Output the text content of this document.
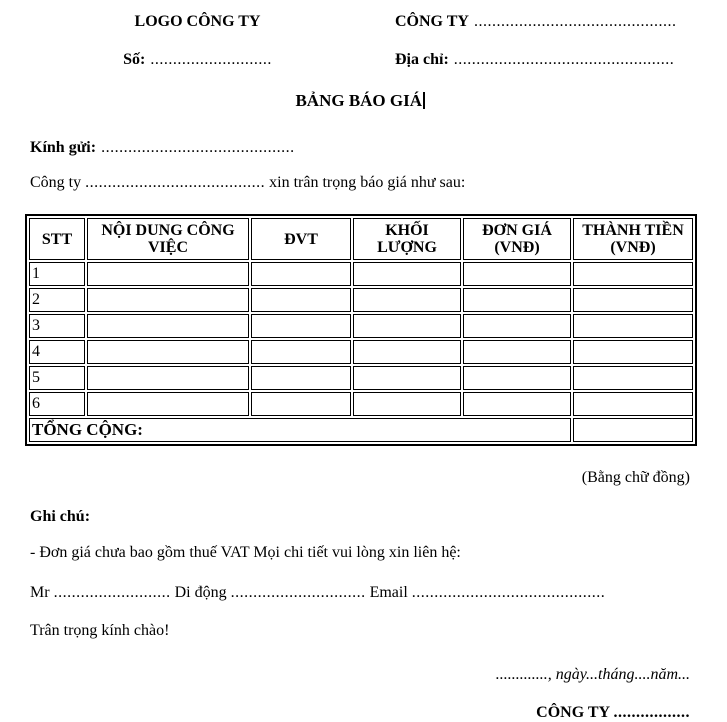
LOGO CÔNG TY
Số: ...........................
CÔNG TY .............................................
Địa chỉ: .................................................
BẢNG BÁO GIÁ
Kính gửi: ...........................................
Công ty ........................................ xin trân trọng báo giá như sau:
STT	NỘI DUNG CÔNG VIỆC	ĐVT	KHỐI LƯỢNG	ĐƠN GIÁ (VNĐ)	THÀNH TIỀN (VNĐ)
1					
2					
3					
4					
5					
6					
TỔNG CỘNG:					
(Bằng chữ đồng)
Ghi chú:
- Đơn giá chưa bao gồm thuế VAT Mọi chi tiết vui lòng xin liên hệ:
Mr .......................... Di động .............................. Email ...........................................
Trân trọng kính chào!
............., ngày...tháng....năm...
CÔNG TY .................
